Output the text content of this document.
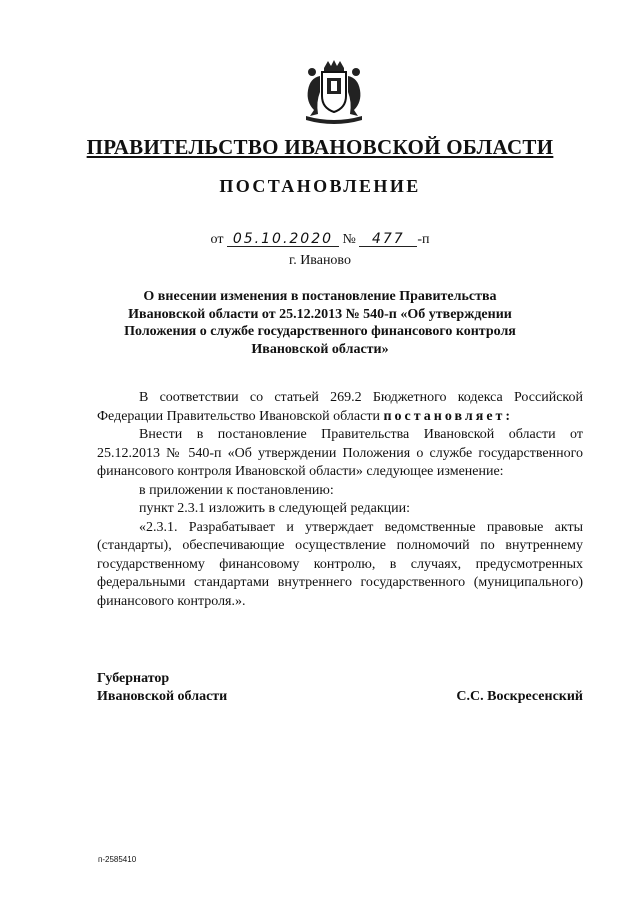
ПРАВИТЕЛЬСТВО ИВАНОВСКОЙ ОБЛАСТИ
ПОСТАНОВЛЕНИЕ
от 05.10.2020 № 477 -п
г. Иваново
О внесении изменения в постановление Правительства Ивановской области от 25.12.2013 № 540-п «Об утверждении Положения о службе государственного финансового контроля Ивановской области»

В соответствии со статьей 269.2 Бюджетного кодекса Российской Федерации Правительство Ивановской области постановляет:

Внести в постановление Правительства Ивановской области от 25.12.2013 № 540-п «Об утверждении Положения о службе государственного финансового контроля Ивановской области» следующее изменение:

в приложении к постановлению:

пункт 2.3.1 изложить в следующей редакции:

«2.3.1. Разрабатывает и утверждает ведомственные правовые акты (стандарты), обеспечивающие осуществление полномочий по внутреннему государственному финансовому контролю, в случаях, предусмотренных федеральными стандартами внутреннего государственного (муниципального) финансового контроля.».

Губернатор
Ивановской области	С.С. Воскресенский
п-2585410
